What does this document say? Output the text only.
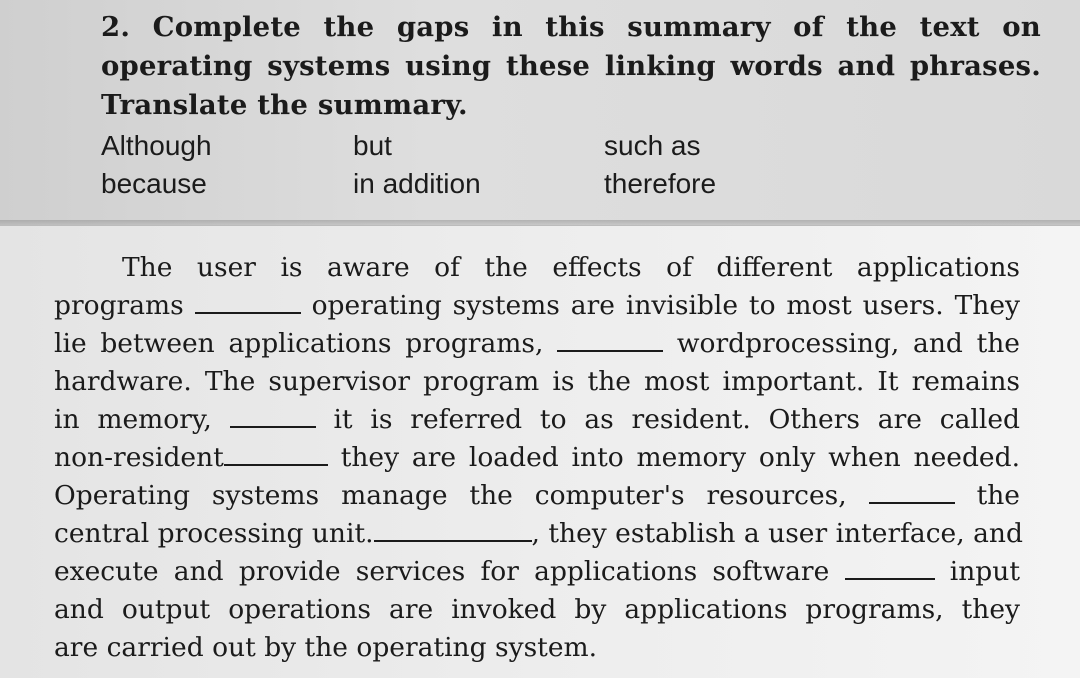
2. Complete the gaps in this summary of the text on operating systems using these linking words and phrases. Translate the summary.
Although	but	such as
because	in addition	therefore
The user is aware of the effects of different applications
programs	operating systems are invisible to most users. They
lie between applications programs,	wordprocessing, and the
hardware. The supervisor program is the most important. It remains
in memory,	it is referred to as resident. Others are called
non-resident	they are loaded into memory only when needed.
Operating systems manage the computer's resources,	the
central processing unit.	, they establish a user interface, and
execute and provide services for applications software	input
and output operations are invoked by applications programs, they
are carried out by the operating system.
